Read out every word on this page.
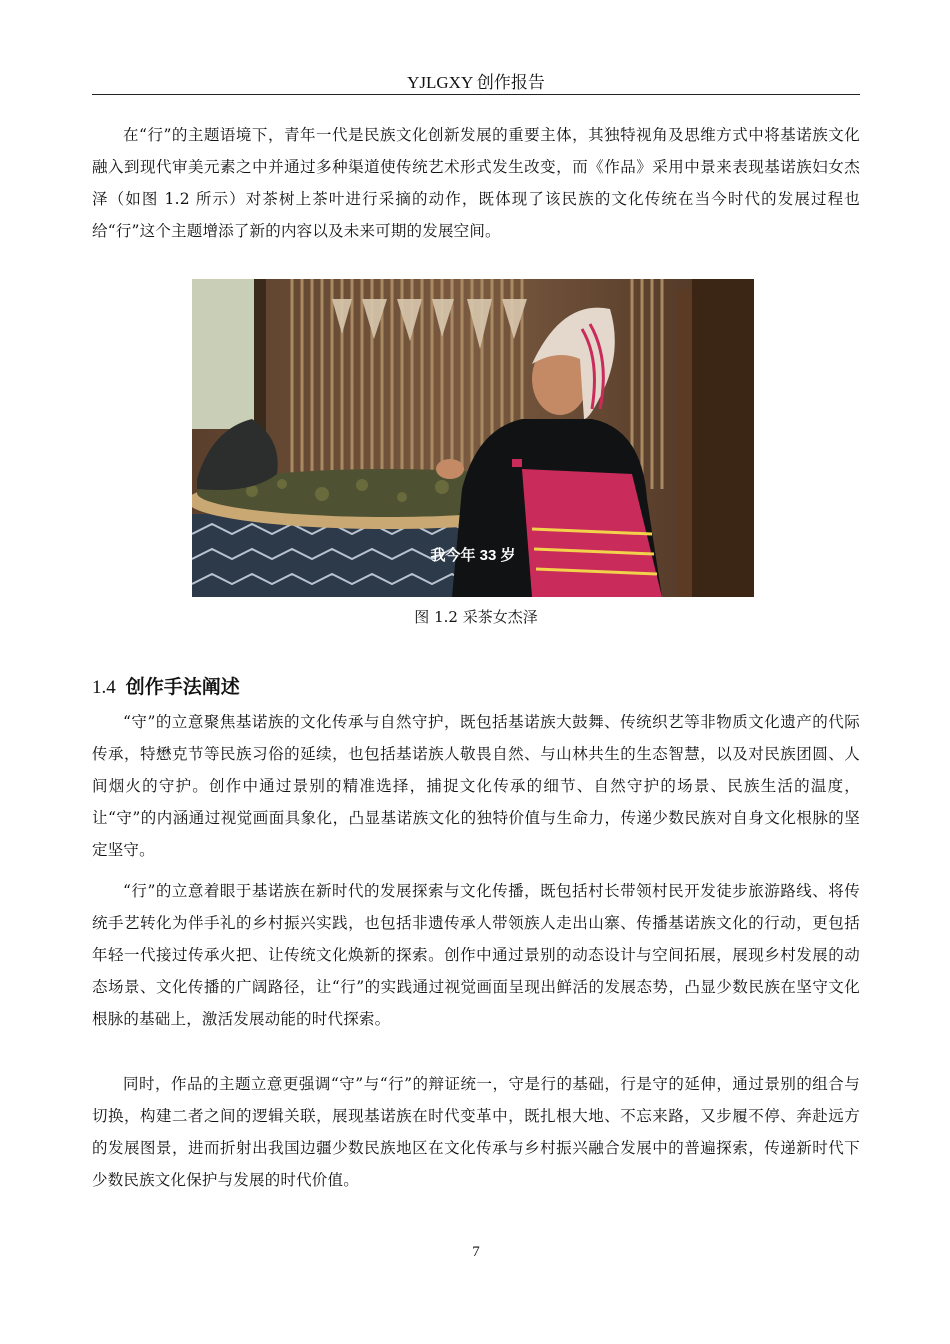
YJLGXY 创作报告

在“行”的主题语境下，青年一代是民族文化创新发展的重要主体，其独特视角及思维方式中将基诺族文化融入到现代审美元素之中并通过多种渠道使传统艺术形式发生改变，而《作品》采用中景来表现基诺族妇女杰泽（如图 1.2 所示）对茶树上茶叶进行采摘的动作，既体现了该民族的文化传统在当今时代的发展过程也给“行”这个主题增添了新的内容以及未来可期的发展空间。

我今年 33 岁
图 1.2 采茶女杰泽
1.4 创作手法阐述

“守”的立意聚焦基诺族的文化传承与自然守护，既包括基诺族大鼓舞、传统织艺等非物质文化遗产的代际传承，特懋克节等民族习俗的延续，也包括基诺族人敬畏自然、与山林共生的生态智慧，以及对民族团圆、人间烟火的守护。创作中通过景别的精准选择，捕捉文化传承的细节、自然守护的场景、民族生活的温度，让“守”的内涵通过视觉画面具象化，凸显基诺族文化的独特价值与生命力，传递少数民族对自身文化根脉的坚定坚守。

“行”的立意着眼于基诺族在新时代的发展探索与文化传播，既包括村长带领村民开发徒步旅游路线、将传统手艺转化为伴手礼的乡村振兴实践，也包括非遗传承人带领族人走出山寨、传播基诺族文化的行动，更包括年轻一代接过传承火把、让传统文化焕新的探索。创作中通过景别的动态设计与空间拓展，展现乡村发展的动态场景、文化传播的广阔路径，让“行”的实践通过视觉画面呈现出鲜活的发展态势，凸显少数民族在坚守文化根脉的基础上，激活发展动能的时代探索。

同时，作品的主题立意更强调“守”与“行”的辩证统一，守是行的基础，行是守的延伸，通过景别的组合与切换，构建二者之间的逻辑关联，展现基诺族在时代变革中，既扎根大地、不忘来路，又步履不停、奔赴远方的发展图景，进而折射出我国边疆少数民族地区在文化传承与乡村振兴融合发展中的普遍探索，传递新时代下少数民族文化保护与发展的时代价值。

7
